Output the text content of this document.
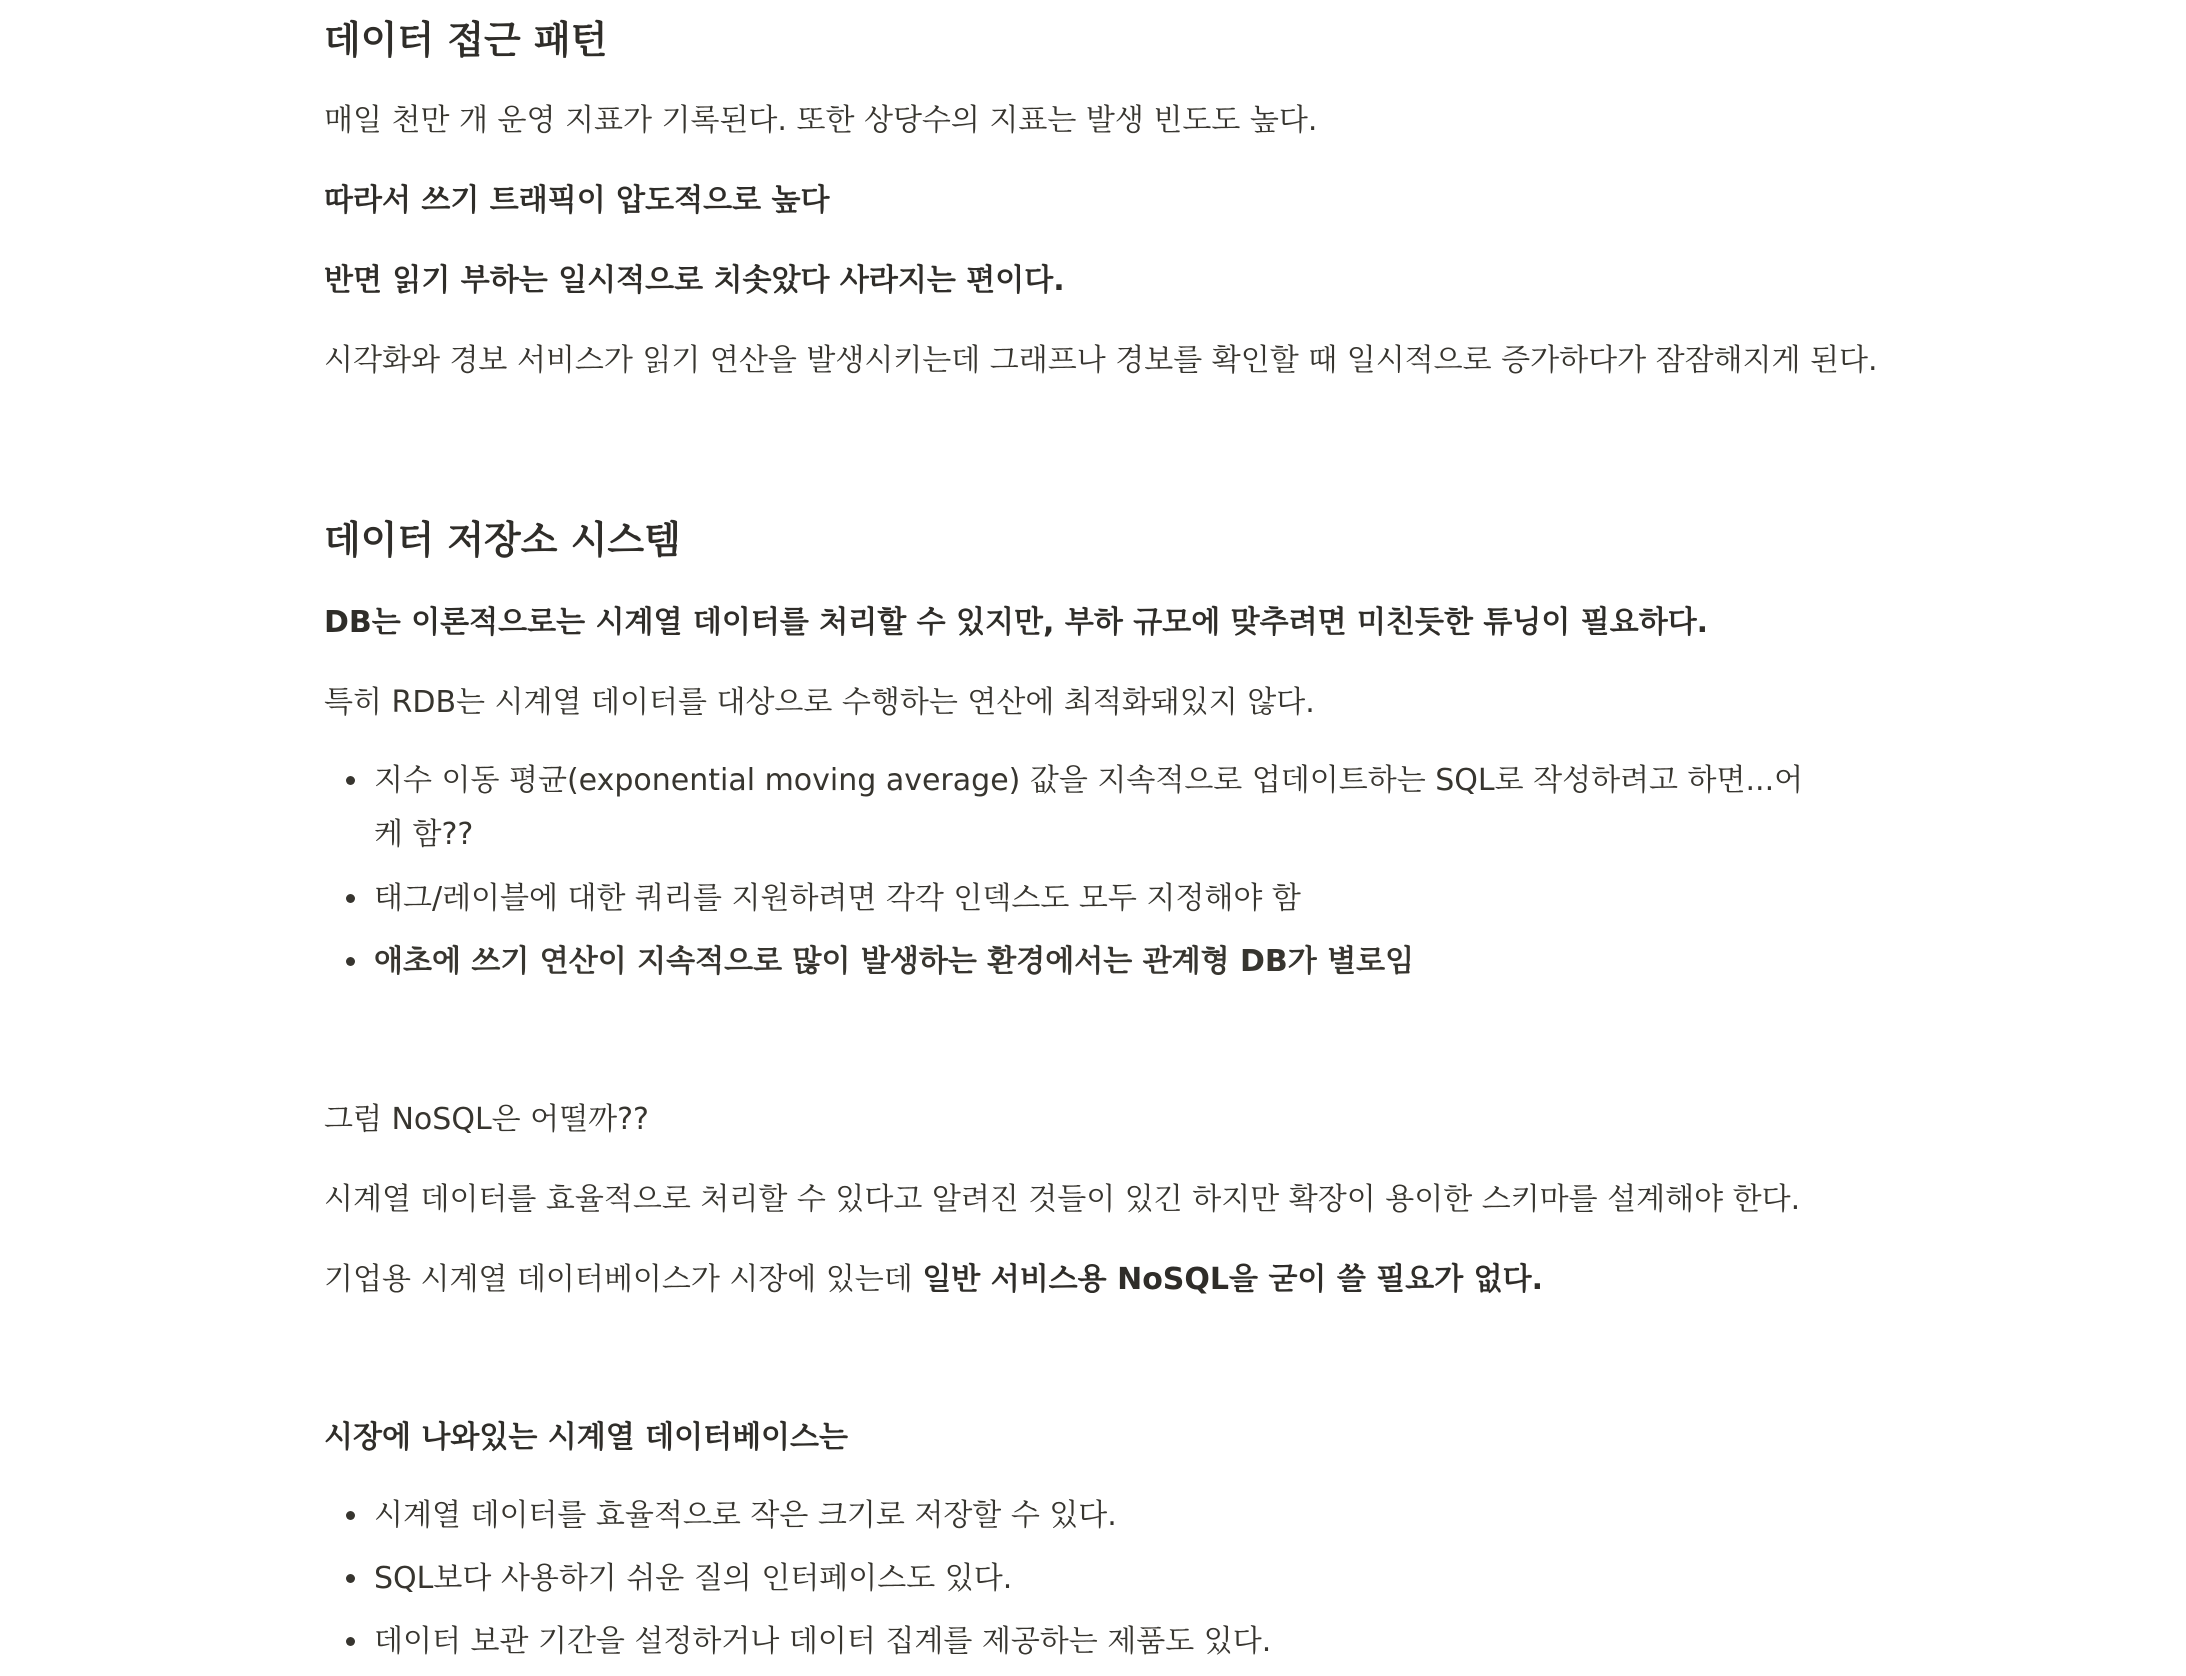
데이터 접근 패턴

매일 천만 개 운영 지표가 기록된다. 또한 상당수의 지표는 발생 빈도도 높다.

따라서 쓰기 트래픽이 압도적으로 높다

반면 읽기 부하는 일시적으로 치솟았다 사라지는 편이다.

시각화와 경보 서비스가 읽기 연산을 발생시키는데 그래프나 경보를 확인할 때 일시적으로 증가하다가 잠잠해지게 된다.

데이터 저장소 시스템

DB는 이론적으로는 시계열 데이터를 처리할 수 있지만, 부하 규모에 맞추려면 미친듯한 튜닝이 필요하다.

특히 RDB는 시계열 데이터를 대상으로 수행하는 연산에 최적화돼있지 않다.

지수 이동 평균(exponential moving average) 값을 지속적으로 업데이트하는 SQL로 작성하려고 하면...어케 함??
태그/레이블에 대한 쿼리를 지원하려면 각각 인덱스도 모두 지정해야 함
애초에 쓰기 연산이 지속적으로 많이 발생하는 환경에서는 관계형 DB가 별로임

그럼 NoSQL은 어떨까??

시계열 데이터를 효율적으로 처리할 수 있다고 알려진 것들이 있긴 하지만 확장이 용이한 스키마를 설계해야 한다.

기업용 시계열 데이터베이스가 시장에 있는데 일반 서비스용 NoSQL을 굳이 쓸 필요가 없다.

시장에 나와있는 시계열 데이터베이스는

시계열 데이터를 효율적으로 작은 크기로 저장할 수 있다.
SQL보다 사용하기 쉬운 질의 인터페이스도 있다.
데이터 보관 기간을 설정하거나 데이터 집계를 제공하는 제품도 있다.
